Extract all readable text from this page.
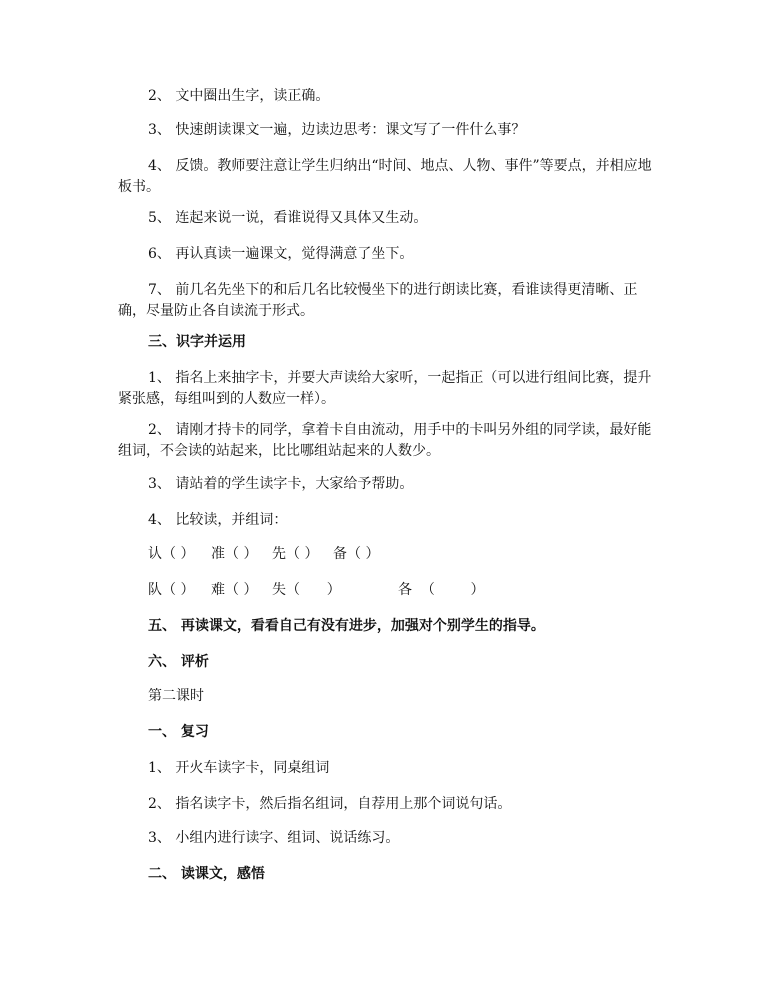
2、 文中圈出生字，读正确。

3、 快速朗读课文一遍，边读边思考：课文写了一件什么事？

4、 反馈。教师要注意让学生归纳出“时间、地点、人物、事件”等要点，并相应地板书。

5、 连起来说一说，看谁说得又具体又生动。

6、 再认真读一遍课文，觉得满意了坐下。

7、 前几名先坐下的和后几名比较慢坐下的进行朗读比赛，看谁读得更清晰、正确，尽量防止各自读流于形式。

三、识字并运用

1、 指名上来抽字卡，并要大声读给大家听，一起指正（可以进行组间比赛，提升紧张感，每组叫到的人数应一样）。

2、 请刚才持卡的同学，拿着卡自由流动，用手中的卡叫另外组的同学读，最好能组词，不会读的站起来，比比哪组站起来的人数少。

3、 请站着的学生读字卡，大家给予帮助。

4、 比较读，并组词：

认（ ） 准（ ） 先（ ） 备（ ）
队（ ） 难（ ） 失（      ）	各  （        ）

五、 再读课文，看看自己有没有进步，加强对个别学生的指导。

六、 评析

第二课时

一、 复习

1、 开火车读字卡，同桌组词

2、 指名读字卡，然后指名组词，自荐用上那个词说句话。

3、 小组内进行读字、组词、说话练习。

二、 读课文，感悟
